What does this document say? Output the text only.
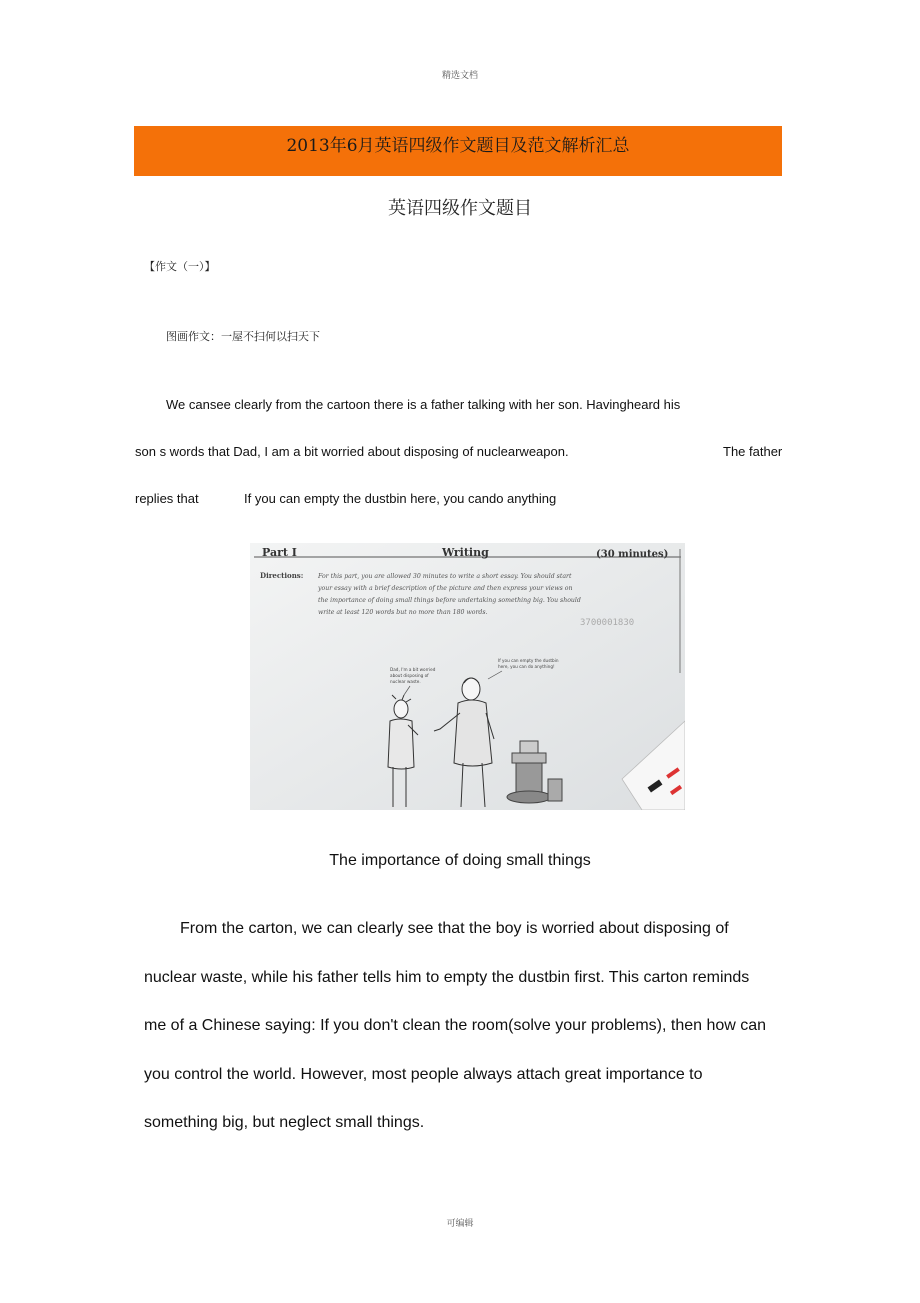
精选文档
2013年6月英语四级作文题目及范文解析汇总
英语四级作文题目
【作文（一）】
图画作文：一屋不扫何以扫天下
We cansee clearly from the cartoon there is a father talking with her son. Havingheard his
son s words that Dad, I am a bit worried about disposing of nuclearweapon.	The father
replies that	If you can empty the dustbin here, you cando anything
Part I	Writing	(30 minutes)
Directions: For this part, you are allowed 30 minutes to write a short essay. You should start
your essay with a brief description of the picture and then express your views on
the importance of doing small things before undertaking something big. You should
write at least 120 words but no more than 180 words.
3700001830
Dad, I'm a bit worried
about disposing of
nuclear waste.
If you can empty the dustbin
here, you can do anything!
The importance of doing small things
From the carton, we can clearly see that the boy is worried about disposing of
nuclear waste, while his father tells him to empty the dustbin first. This carton reminds
me of a Chinese saying: If you don't clean the room(solve your problems), then how can
you control the world. However, most people always attach great importance to
something big, but neglect small things.
可编辑
